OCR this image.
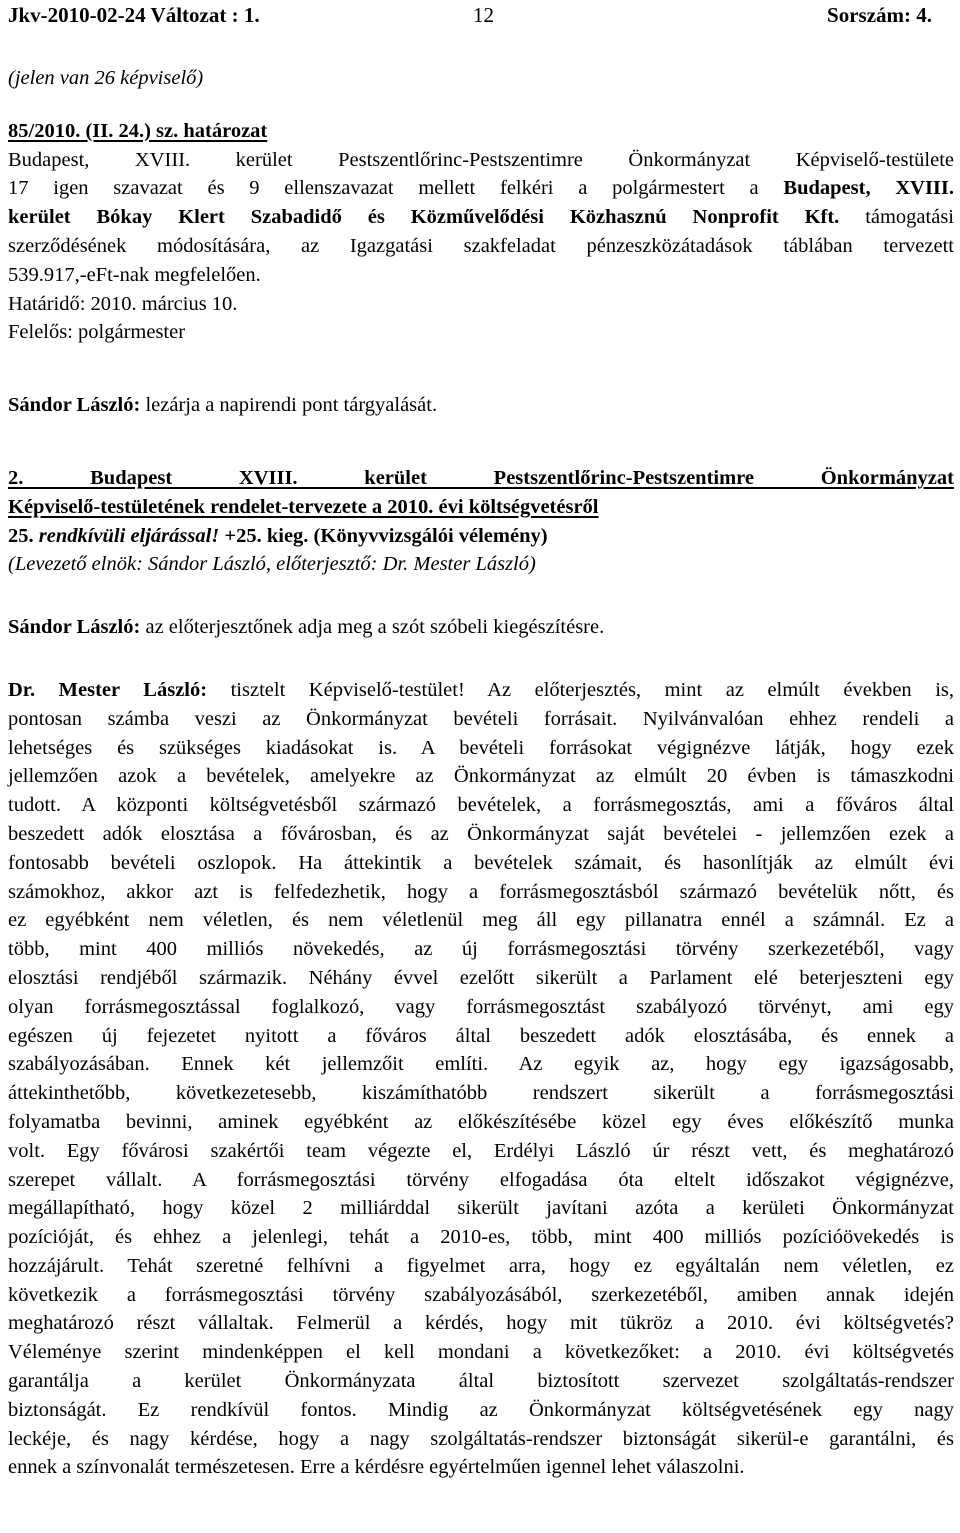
Jkv-2010-02-24 Változat : 1.	12	Sorszám: 4.

(jelen van 26 képviselő)

85/2010. (II. 24.) sz. határozat

Budapest, XVIII. kerület Pestszentlőrinc-Pestszentimre Önkormányzat Képviselő-testülete

17 igen szavazat és 9 ellenszavazat mellett felkéri a polgármestert a Budapest, XVIII.

kerület Bókay Klert Szabadidő és Közművelődési Közhasznú Nonprofit Kft. támogatási

szerződésének módosítására, az Igazgatási szakfeladat pénzeszközátadások táblában tervezett

539.917,-eFt-nak megfelelően.

Határidő: 2010. március 10.

Felelős: polgármester

Sándor László: lezárja a napirendi pont tárgyalását.

2. Budapest XVIII. kerület Pestszentlőrinc-Pestszentimre Önkormányzat

Képviselő-testületének rendelet-tervezete a 2010. évi költségvetésről

25. rendkívüli eljárással! +25. kieg. (Könyvvizsgálói vélemény)

(Levezető elnök: Sándor László, előterjesztő: Dr. Mester László)

Sándor László: az előterjesztőnek adja meg a szót szóbeli kiegészítésre.

Dr. Mester László: tisztelt Képviselő-testület! Az előterjesztés, mint az elmúlt években is,

pontosan számba veszi az Önkormányzat bevételi forrásait. Nyilvánvalóan ehhez rendeli a

lehetséges és szükséges kiadásokat is. A bevételi forrásokat végignézve látják, hogy ezek

jellemzően azok a bevételek, amelyekre az Önkormányzat az elmúlt 20 évben is támaszkodni

tudott. A központi költségvetésből származó bevételek, a forrásmegosztás, ami a főváros által

beszedett adók elosztása a fővárosban, és az Önkormányzat saját bevételei - jellemzően ezek a

fontosabb bevételi oszlopok. Ha áttekintik a bevételek számait, és hasonlítják az elmúlt évi

számokhoz, akkor azt is felfedezhetik, hogy a forrásmegosztásból származó bevételük nőtt, és

ez egyébként nem véletlen, és nem véletlenül meg áll egy pillanatra ennél a számnál. Ez a

több, mint 400 milliós növekedés, az új forrásmegosztási törvény szerkezetéből, vagy

elosztási rendjéből származik. Néhány évvel ezelőtt sikerült a Parlament elé beterjeszteni egy

olyan forrásmegosztással foglalkozó, vagy forrásmegosztást szabályozó törvényt, ami egy

egészen új fejezetet nyitott a főváros által beszedett adók elosztásába, és ennek a

szabályozásában. Ennek két jellemzőit említi. Az egyik az, hogy egy igazságosabb,

áttekinthetőbb, következetesebb, kiszámíthatóbb rendszert sikerült a forrásmegosztási

folyamatba bevinni, aminek egyébként az előkészítésébe közel egy éves előkészítő munka

volt. Egy fővárosi szakértői team végezte el, Erdélyi László úr részt vett, és meghatározó

szerepet vállalt. A forrásmegosztási törvény elfogadása óta eltelt időszakot végignézve,

megállapítható, hogy közel 2 milliárddal sikerült javítani azóta a kerületi Önkormányzat

pozícióját, és ehhez a jelenlegi, tehát a 2010-es, több, mint 400 milliós pozícióövekedés is

hozzájárult. Tehát szeretné felhívni a figyelmet arra, hogy ez egyáltalán nem véletlen, ez

következik a forrásmegosztási törvény szabályozásából, szerkezetéből, amiben annak idején

meghatározó részt vállaltak. Felmerül a kérdés, hogy mit tükröz a 2010. évi költségvetés?

Véleménye szerint mindenképpen el kell mondani a következőket: a 2010. évi költségvetés

garantálja a kerület Önkormányzata által biztosított szervezet szolgáltatás-rendszer

biztonságát. Ez rendkívül fontos. Mindig az Önkormányzat költségvetésének egy nagy

leckéje, és nagy kérdése, hogy a nagy szolgáltatás-rendszer biztonságát sikerül-e garantálni, és

ennek a színvonalát természetesen. Erre a kérdésre egyértelműen igennel lehet válaszolni.
